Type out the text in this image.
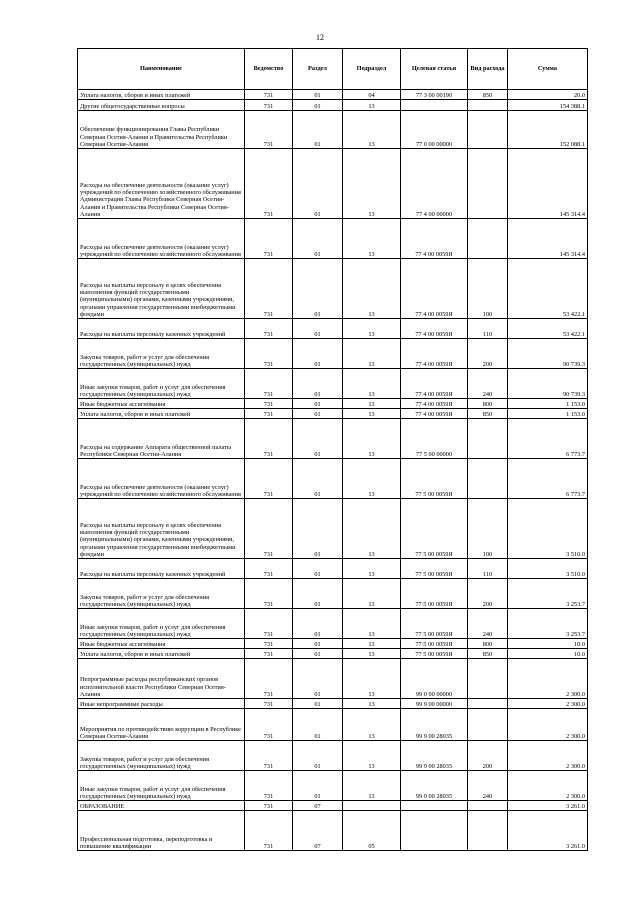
12
Наименование	Ведомство	Раздел	Подраздел	Целевая статья	Вид расхода	Сумма

Уплата налогов, сборов и иных платежей	731	01	04	77 3 00 00190	850	20.0

Другие общегосударственные вопросы	731	01	13			154 388.1

Обеспечение функционирования Главы Республики Северная Осетия-Алания и Правительства Республики Северная Осетия-Алания	731	01	13	77 0 00 00000		152 088.1

Расходы на обеспечение деятельности (оказание услуг) учреждений по обеспечению хозяйственного обслуживания Администрации Главы Республики Северная Осетия-Алания и Правительства Республики Северная Осетия-Алания	731	01	13	77 4 00 00000		145 314.4

Расходы на обеспечение деятельности (оказание услуг) учреждений по обеспечению хозяйственного обслуживания	731	01	13	77 4 00 0059Я		145 314.4

Расходы на выплаты персоналу в целях обеспечения выполнения функций государственными (муниципальными) органами, казенными учреждениями, органами управления государственными внебюджетными фондами	731	01	13	77 4 00 0059Я	100	53 422.1

Расходы на выплаты персоналу казенных учреждений	731	01	13	77 4 00 0059Я	110	53 422.1

Закупка товаров, работ и услуг для обеспечения государственных (муниципальных) нужд	731	01	13	77 4 00 0059Я	200	90 739.3

Иные закупки товаров, работ и услуг для обеспечения государственных (муниципальных) нужд	731	01	13	77 4 00 0059Я	240	90 739.3

Иные бюджетные ассигнования	731	01	13	77 4 00 0059Я	800	1 153.0

Уплата налогов, сборов и иных платежей	731	01	13	77 4 00 0059Я	850	1 153.0

Расходы на содержание Аппарата общественной палаты Республики Северная Осетия-Алания	731	01	13	77 5 00 00000		6 773.7

Расходы на обеспечение деятельности (оказание услуг) учреждений по обеспечению хозяйственного обслуживания	731	01	13	77 5 00 0059Я		6 773.7

Расходы на выплаты персоналу в целях обеспечения выполнения функций государственными (муниципальными) органами, казенными учреждениями, органами управления государственными внебюджетными фондами	731	01	13	77 5 00 0059Я	100	3 510.0

Расходы на выплаты персоналу казенных учреждений	731	01	13	77 5 00 0059Я	110	3 510.0

Закупка товаров, работ и услуг для обеспечения государственных (муниципальных) нужд	731	01	13	77 5 00 0059Я	200	3 253.7

Иные закупки товаров, работ и услуг для обеспечения государственных (муниципальных) нужд	731	01	13	77 5 00 0059Я	240	3 253.7

Иные бюджетные ассигнования	731	01	13	77 5 00 0059Я	800	10.0

Уплата налогов, сборов и иных платежей	731	01	13	77 5 00 0059Я	850	10.0

Непрограммные расходы республиканских органов исполнительной власти Республики Северная Осетия-Алания	731	01	13	99 0 00 00000		2 300.0

Иные непрограммные расходы	731	01	13	99 9 00 00000		2 300.0

Мероприятия по противодействию коррупции в Республике Северная Осетия-Алания	731	01	13	99 9 00 28035		2 300.0

Закупка товаров, работ и услуг для обеспечения государственных (муниципальных) нужд	731	01	13	99 9 00 28035	200	2 300.0

Иные закупки товаров, работ и услуг для обеспечения государственных (муниципальных) нужд	731	01	13	99 9 00 28035	240	2 300.0

ОБРАЗОВАНИЕ	731	07				3 261.0

Профессиональная подготовка, переподготовка и повышение квалификации	731	07	05			3 261.0
